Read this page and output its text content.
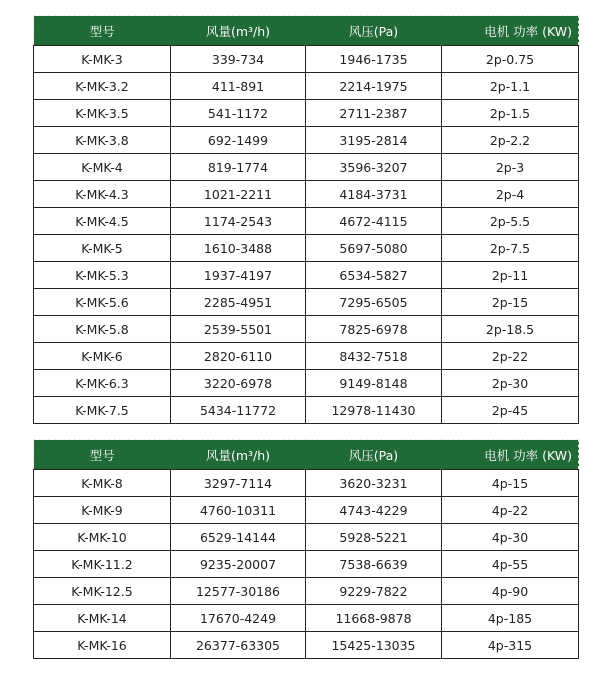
型号	风量(m³/h)	风压(Pa)	电机 功率 (KW)
K-MK-3	339-734	1946-1735	2p-0.75
K-MK-3.2	411-891	2214-1975	2p-1.1
K-MK-3.5	541-1172	2711-2387	2p-1.5
K-MK-3.8	692-1499	3195-2814	2p-2.2
K-MK-4	819-1774	3596-3207	2p-3
K-MK-4.3	1021-2211	4184-3731	2p-4
K-MK-4.5	1174-2543	4672-4115	2p-5.5
K-MK-5	1610-3488	5697-5080	2p-7.5
K-MK-5.3	1937-4197	6534-5827	2p-11
K-MK-5.6	2285-4951	7295-6505	2p-15
K-MK-5.8	2539-5501	7825-6978	2p-18.5
K-MK-6	2820-6110	8432-7518	2p-22
K-MK-6.3	3220-6978	9149-8148	2p-30
K-MK-7.5	5434-11772	12978-11430	2p-45
型号	风量(m³/h)	风压(Pa)	电机 功率 (KW)
K-MK-8	3297-7114	3620-3231	4p-15
K-MK-9	4760-10311	4743-4229	4p-22
K-MK-10	6529-14144	5928-5221	4p-30
K-MK-11.2	9235-20007	7538-6639	4p-55
K-MK-12.5	12577-30186	9229-7822	4p-90
K-MK-14	17670-4249	11668-9878	4p-185
K-MK-16	26377-63305	15425-13035	4p-315
